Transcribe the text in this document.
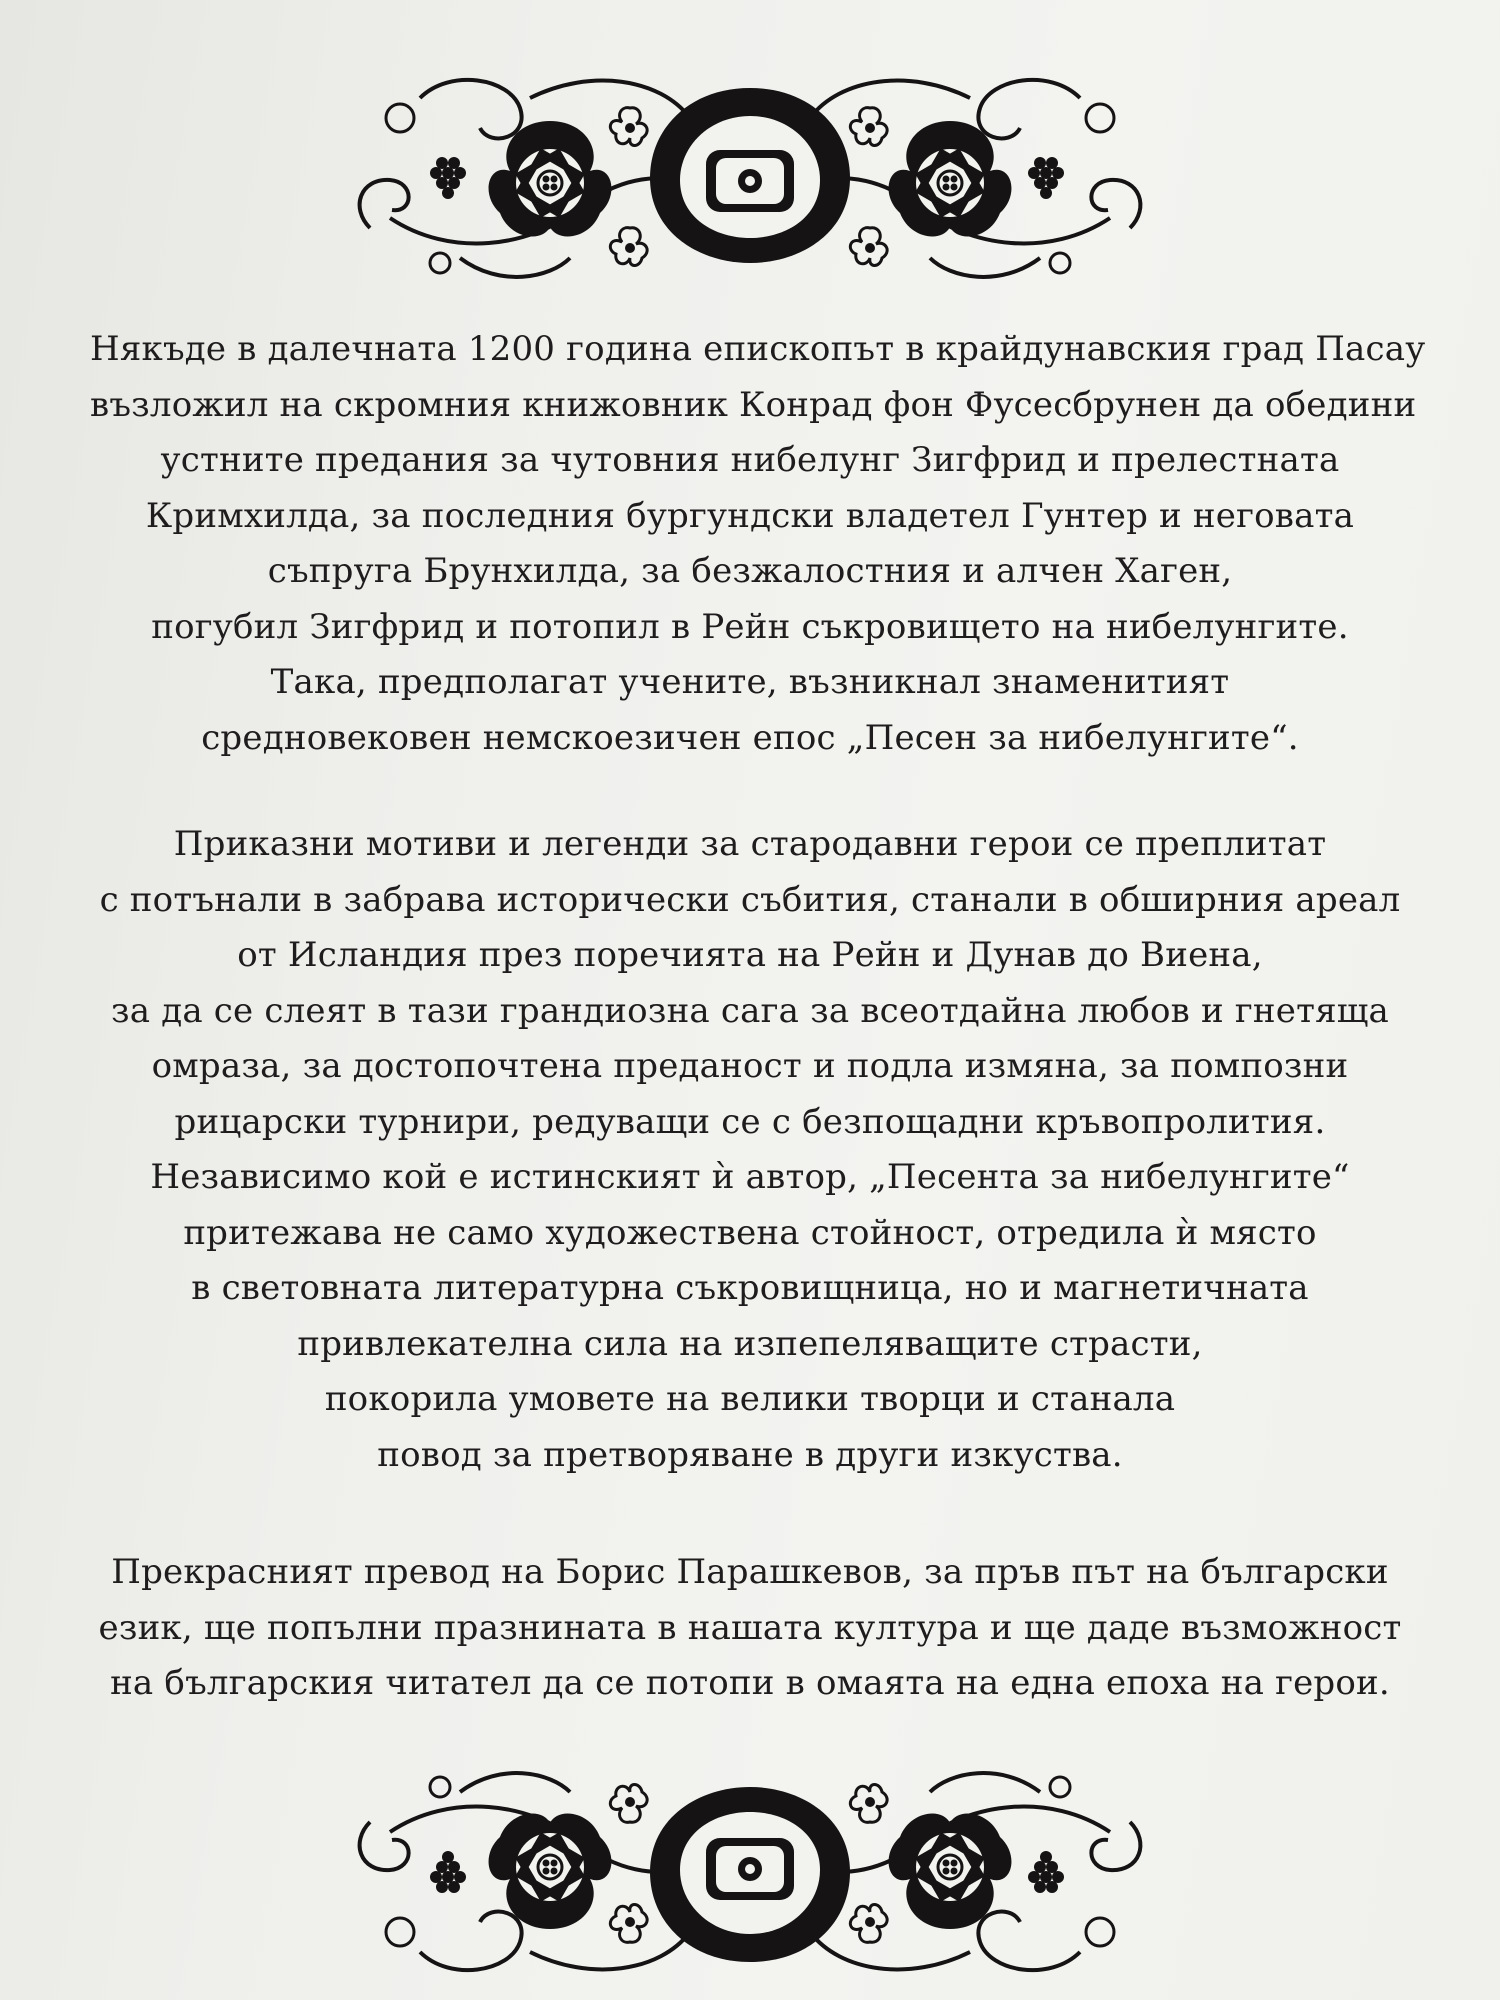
Някъде в далечната 1200 година епископът в крайдунавския град Пасау
възложил на скромния книжовник Конрад фон Фусесбрунен да обедини
устните предания за чутовния нибелунг Зигфрид и прелестната
Кримхилда, за последния бургундски владетел Гунтер и неговата
съпруга Брунхилда, за безжалостния и алчен Хаген,
погубил Зигфрид и потопил в Рейн съкровището на нибелунгите.
Така, предполагат учените, възникнал знаменитият
средновековен немскоезичен епос „Песен за нибелунгите“.
Приказни мотиви и легенди за стародавни герои се преплитат
с потънали в забрава исторически събития, станали в обширния ареал
от Исландия през поречията на Рейн и Дунав до Виена,
за да се слеят в тази грандиозна сага за всеотдайна любов и гнетяща
омраза, за достопочтена преданост и подла измяна, за помпозни
рицарски турнири, редуващи се с безпощадни кръвопролития.
Независимо кой е истинският ѝ автор, „Песента за нибелунгите“
притежава не само художествена стойност, отредила ѝ място
в световната литературна съкровищница, но и магнетичната
привлекателна сила на изпепеляващите страсти,
покорила умовете на велики творци и станала
повод за претворяване в други изкуства.
Прекрасният превод на Борис Парашкевов, за пръв път на български
език, ще попълни празнината в нашата култура и ще даде възможност
на българския читател да се потопи в омаята на една епоха на герои.
